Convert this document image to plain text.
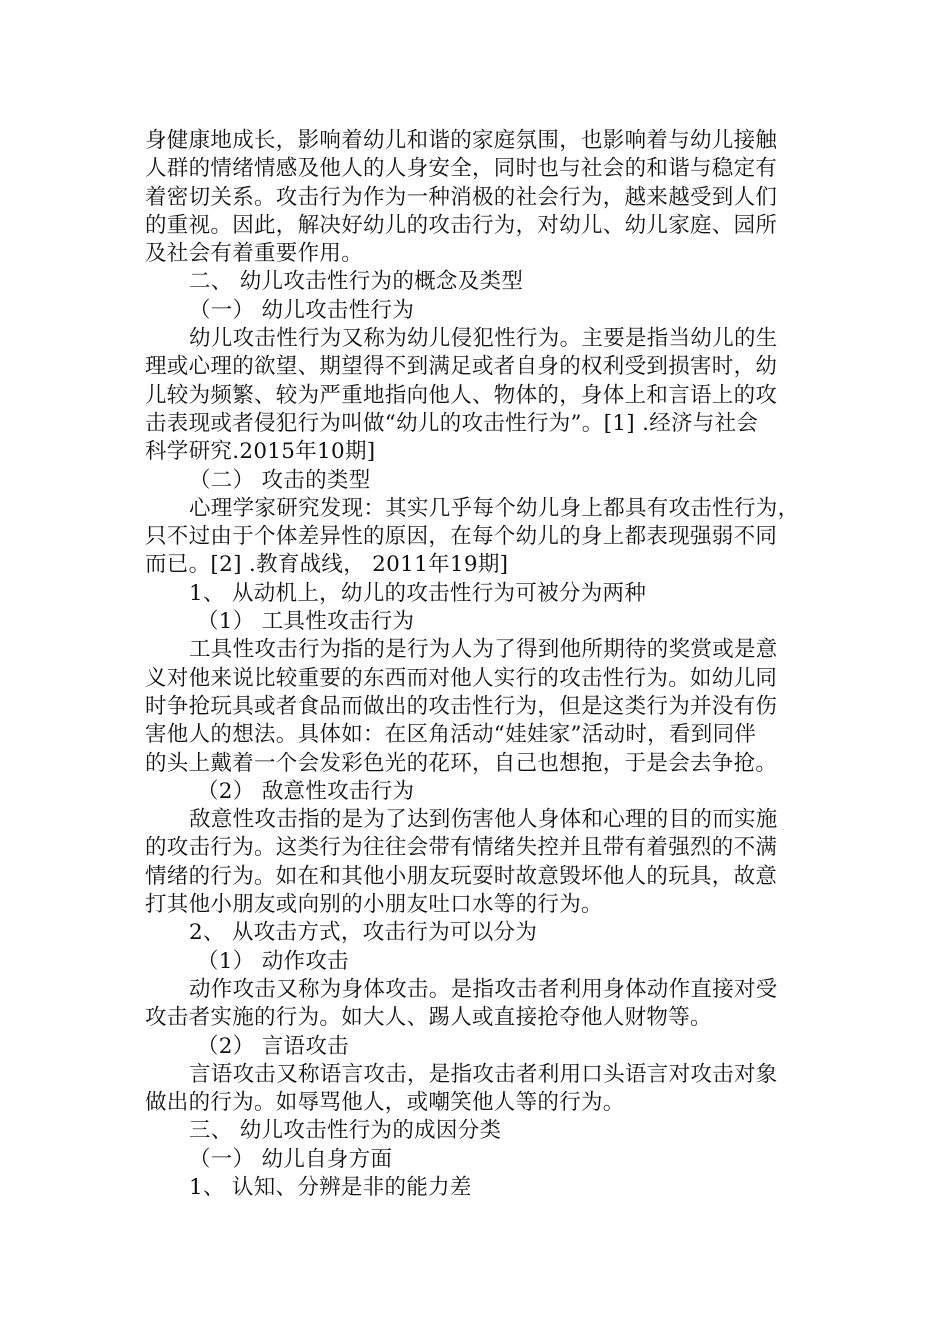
身健康地成长，影响着幼儿和谐的家庭氛围，也影响着与幼儿接触
人群的情绪情感及他人的人身安全，同时也与社会的和谐与稳定有
着密切关系。攻击行为作为一种消极的社会行为，越来越受到人们
的重视。因此，解决好幼儿的攻击行为，对幼儿、幼儿家庭、园所
及社会有着重要作用。
二、 幼儿攻击性行为的概念及类型
（一） 幼儿攻击性行为
幼儿攻击性行为又称为幼儿侵犯性行为。主要是指当幼儿的生
理或心理的欲望、期望得不到满足或者自身的权利受到损害时，幼
儿较为频繁、较为严重地指向他人、物体的，身体上和言语上的攻
击表现或者侵犯行为叫做“幼儿的攻击性行为”。[1] .经济与社会
科学研究.2015年10期]
（二） 攻击的类型
心理学家研究发现：其实几乎每个幼儿身上都具有攻击性行为，
只不过由于个体差异性的原因，在每个幼儿的身上都表现强弱不同
而已。[2] .教育战线， 2011年19期]
1、 从动机上，幼儿的攻击性行为可被分为两种
（1） 工具性攻击行为
工具性攻击行为指的是行为人为了得到他所期待的奖赏或是意
义对他来说比较重要的东西而对他人实行的攻击性行为。如幼儿同
时争抢玩具或者食品而做出的攻击性行为，但是这类行为并没有伤
害他人的想法。具体如：在区角活动“娃娃家”活动时，看到同伴
的头上戴着一个会发彩色光的花环，自己也想抱，于是会去争抢。
（2） 敌意性攻击行为
敌意性攻击指的是为了达到伤害他人身体和心理的目的而实施
的攻击行为。这类行为往往会带有情绪失控并且带有着强烈的不满
情绪的行为。如在和其他小朋友玩耍时故意毁坏他人的玩具，故意
打其他小朋友或向别的小朋友吐口水等的行为。
2、 从攻击方式，攻击行为可以分为
（1） 动作攻击
动作攻击又称为身体攻击。是指攻击者利用身体动作直接对受
攻击者实施的行为。如大人、踢人或直接抢夺他人财物等。
（2） 言语攻击
言语攻击又称语言攻击，是指攻击者利用口头语言对攻击对象
做出的行为。如辱骂他人，或嘲笑他人等的行为。
三、 幼儿攻击性行为的成因分类
（一） 幼儿自身方面
1、 认知、分辨是非的能力差
